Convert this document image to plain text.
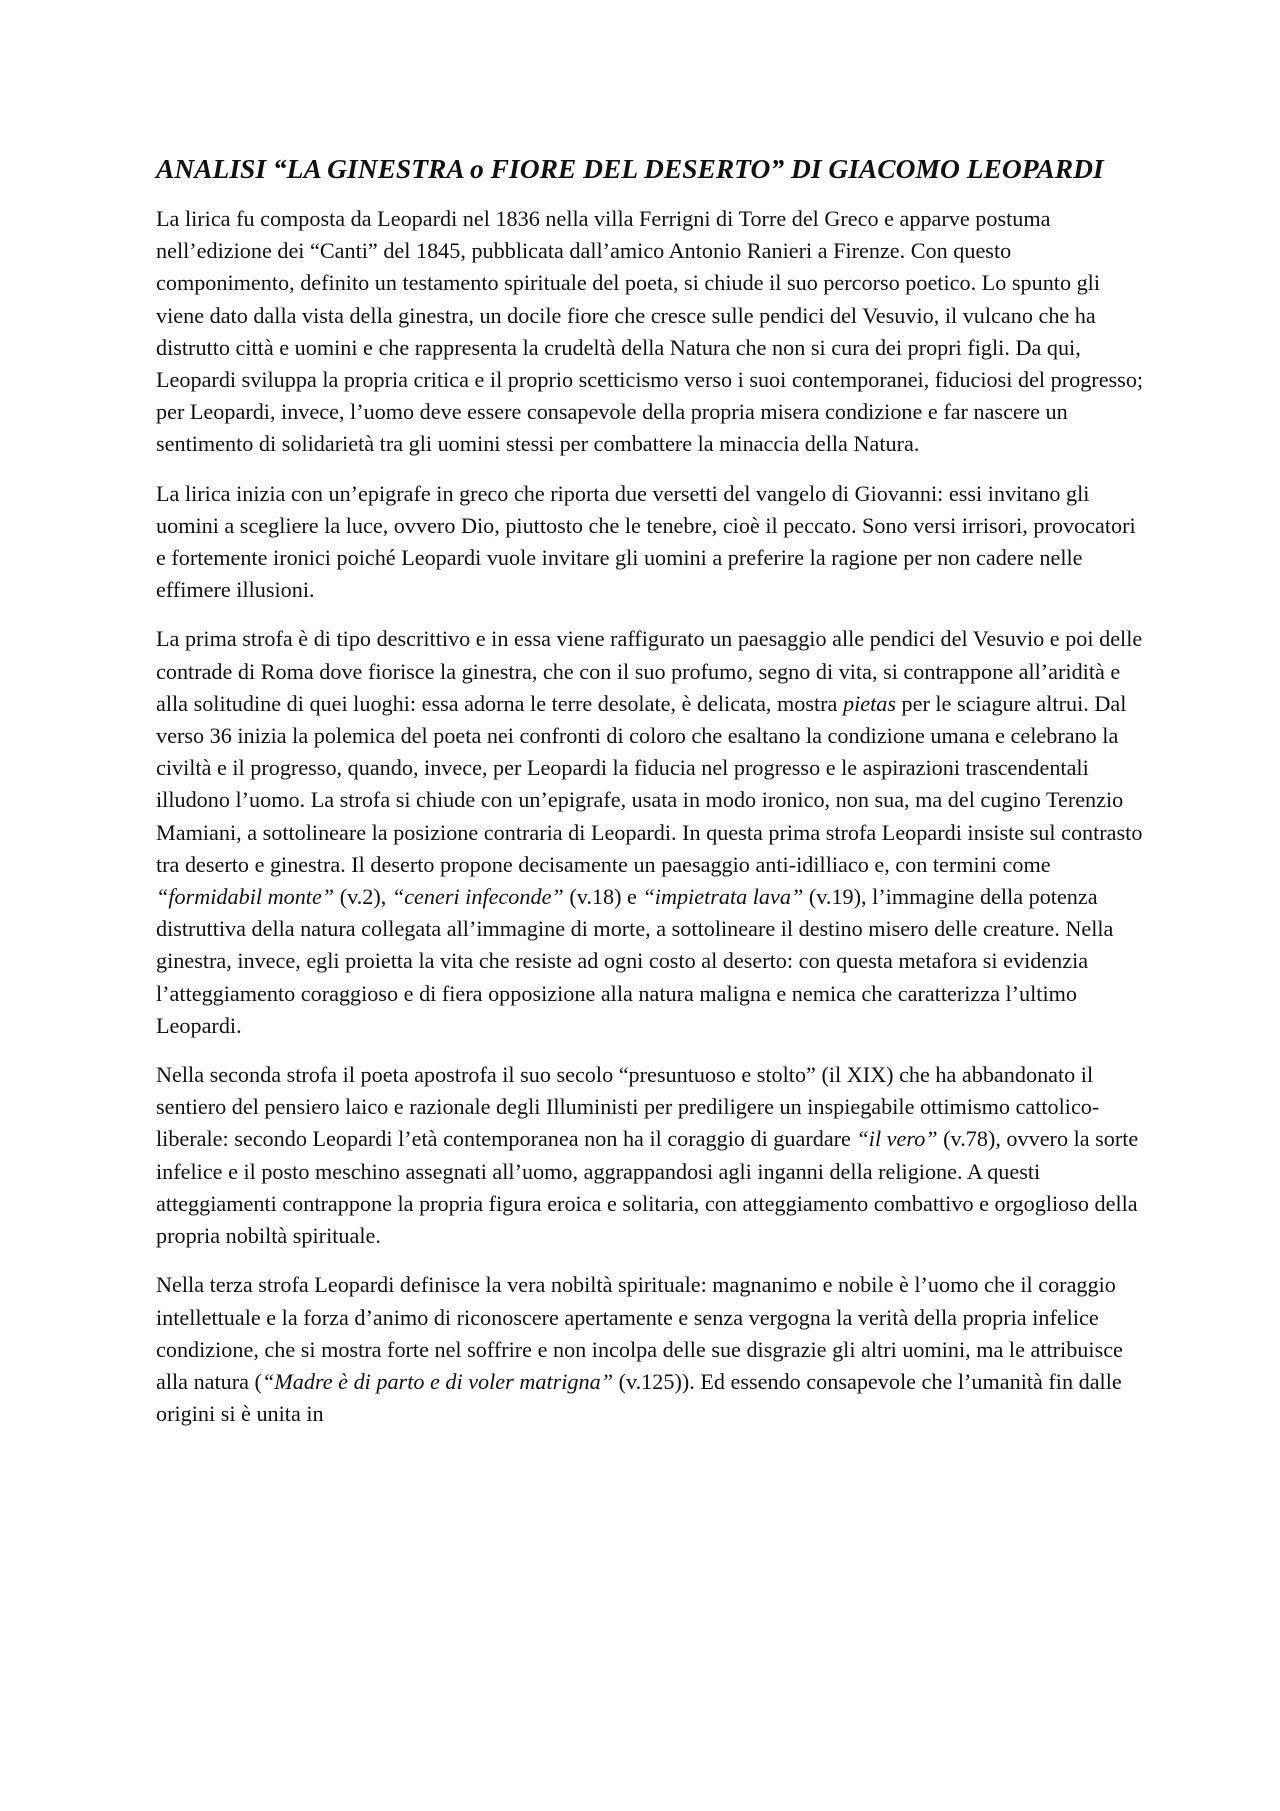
ANALISI “LA GINESTRA o FIORE DEL DESERTO” DI GIACOMO LEOPARDI

La lirica fu composta da Leopardi nel 1836 nella villa Ferrigni di Torre del Greco e apparve postuma nell’edizione dei “Canti” del 1845, pubblicata dall’amico Antonio Ranieri a Firenze. Con questo componimento, definito un testamento spirituale del poeta, si chiude il suo percorso poetico. Lo spunto gli viene dato dalla vista della ginestra, un docile fiore che cresce sulle pendici del Vesuvio, il vulcano che ha distrutto città e uomini e che rappresenta la crudeltà della Natura che non si cura dei propri figli. Da qui, Leopardi sviluppa la propria critica e il proprio scetticismo verso i suoi contemporanei, fiduciosi del progresso; per Leopardi, invece, l’uomo deve essere consapevole della propria misera condizione e far nascere un sentimento di solidarietà tra gli uomini stessi per combattere la minaccia della Natura.

La lirica inizia con un’epigrafe in greco che riporta due versetti del vangelo di Giovanni: essi invitano gli uomini a scegliere la luce, ovvero Dio, piuttosto che le tenebre, cioè il peccato. Sono versi irrisori, provocatori e fortemente ironici poiché Leopardi vuole invitare gli uomini a preferire la ragione per non cadere nelle effimere illusioni.

La prima strofa è di tipo descrittivo e in essa viene raffigurato un paesaggio alle pendici del Vesuvio e poi delle contrade di Roma dove fiorisce la ginestra, che con il suo profumo, segno di vita, si contrappone all’aridità e alla solitudine di quei luoghi: essa adorna le terre desolate, è delicata, mostra pietas per le sciagure altrui. Dal verso 36 inizia la polemica del poeta nei confronti di coloro che esaltano la condizione umana e celebrano la civiltà e il progresso, quando, invece, per Leopardi la fiducia nel progresso e le aspirazioni trascendentali illudono l’uomo. La strofa si chiude con un’epigrafe, usata in modo ironico, non sua, ma del cugino Terenzio Mamiani, a sottolineare la posizione contraria di Leopardi. In questa prima strofa Leopardi insiste sul contrasto tra deserto e ginestra. Il deserto propone decisamente un paesaggio anti-idilliaco e, con termini come “formidabil monte” (v.2), “ceneri infeconde” (v.18) e “impietrata lava” (v.19), l’immagine della potenza distruttiva della natura collegata all’immagine di morte, a sottolineare il destino misero delle creature. Nella ginestra, invece, egli proietta la vita che resiste ad ogni costo al deserto: con questa metafora si evidenzia l’atteggiamento coraggioso e di fiera opposizione alla natura maligna e nemica che caratterizza l’ultimo Leopardi.

Nella seconda strofa il poeta apostrofa il suo secolo “presuntuoso e stolto” (il XIX) che ha abbandonato il sentiero del pensiero laico e razionale degli Illuministi per prediligere un inspiegabile ottimismo cattolico-liberale: secondo Leopardi l’età contemporanea non ha il coraggio di guardare “il vero” (v.78), ovvero la sorte infelice e il posto meschino assegnati all’uomo, aggrappandosi agli inganni della religione. A questi atteggiamenti contrappone la propria figura eroica e solitaria, con atteggiamento combattivo e orgoglioso della propria nobiltà spirituale.

Nella terza strofa Leopardi definisce la vera nobiltà spirituale: magnanimo e nobile è l’uomo che il coraggio intellettuale e la forza d’animo di riconoscere apertamente e senza vergogna la verità della propria infelice condizione, che si mostra forte nel soffrire e non incolpa delle sue disgrazie gli altri uomini, ma le attribuisce alla natura (“Madre è di parto e di voler matrigna” (v.125)). Ed essendo consapevole che l’umanità fin dalle origini si è unita in
